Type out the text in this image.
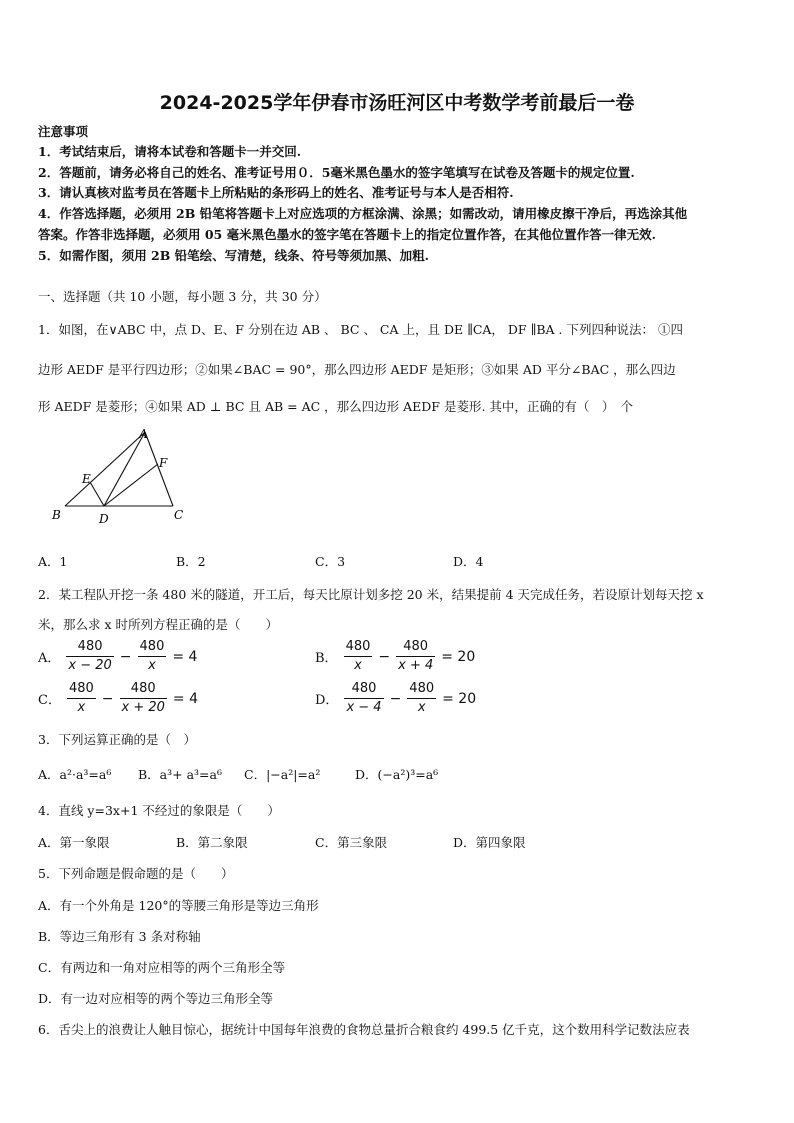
2024-2025学年伊春市汤旺河区中考数学考前最后一卷
注意事项
1．考试结束后，请将本试卷和答题卡一并交回.
2．答题前，请务必将自己的姓名、准考证号用０．5毫米黑色墨水的签字笔填写在试卷及答题卡的规定位置.
3．请认真核对监考员在答题卡上所粘贴的条形码上的姓名、准考证号与本人是否相符.
4．作答选择题，必须用 2B 铅笔将答题卡上对应选项的方框涂满、涂黑；如需改动，请用橡皮擦干净后，再选涂其他
答案。作答非选择题，必须用 05 毫米黑色墨水的签字笔在答题卡上的指定位置作答，在其他位置作答一律无效.
5．如需作图，须用 2B 铅笔绘、写清楚，线条、符号等须加黑、加粗.
一、选择题（共 10 小题，每小题 3 分，共 30 分）
1．如图，在∨ABC 中，点 D、E、F 分别在边 AB 、 BC 、 CA 上，且 DE ∥CA， DF ∥BA . 下列四种说法： ①四
边形 AEDF 是平行四边形；②如果∠BAC = 90°，那么四边形 AEDF 是矩形；③如果 AD 平分∠BAC ，那么四边
形 AEDF 是菱形；④如果 AD ⊥ BC 且 AB = AC ，那么四边形 AEDF 是菱形. 其中，正确的有（　）　个
A
B	C
D
E
F
A．1	B．2	C．3	D．4
2．某工程队开挖一条 480 米的隧道，开工后，每天比原计划多挖 20 米，结果提前 4 天完成任务，若设原计划每天挖 x
米，那么求 x 时所列方程正确的是（　　）
A． $\frac{480}{x - 20} - \frac{480}{x} = 4$	B． $\frac{480}{x} - \frac{480}{x + 4} = 20$
C． $\frac{480}{x} - \frac{480}{x + 20} = 4$	D． $\frac{480}{x - 4} - \frac{480}{x} = 20$
3．下列运算正确的是（　）
A．a²·a³=a⁶ B．a³+ a³=a⁶ C．|−a²|=a²	D．(−a²)³=a⁶
4．直线 y=3x+1 不经过的象限是（　　）
A．第一象限	B．第二象限	C．第三象限	D．第四象限
5．下列命题是假命题的是（　　）
A．有一个外角是 120°的等腰三角形是等边三角形
B．等边三角形有 3 条对称轴
C．有两边和一角对应相等的两个三角形全等
D．有一边对应相等的两个等边三角形全等
6．舌尖上的浪费让人触目惊心，据统计中国每年浪费的食物总量折合粮食约 499.5 亿千克，这个数用科学记数法应表
